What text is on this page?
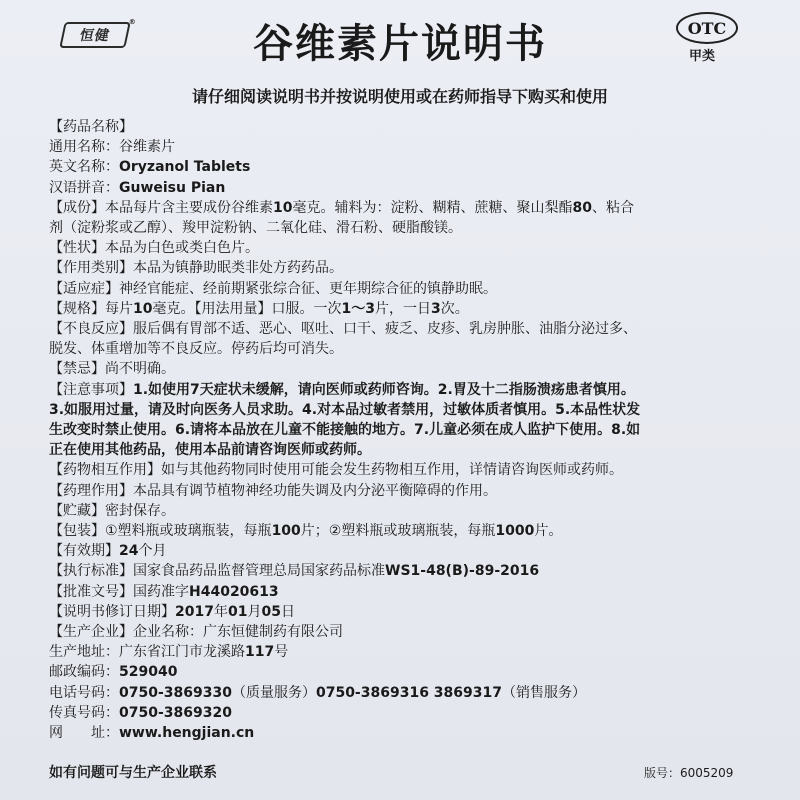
恒健
®	谷维素片说明书	OTC
甲类
请仔细阅读说明书并按说明使用或在药师指导下购买和使用
【药品名称】
通用名称：谷维素片
英文名称：Oryzanol Tablets
汉语拼音：Guweisu Pian
【成份】本品每片含主要成份谷维素10毫克。辅料为：淀粉、糊精、蔗糖、聚山梨酯80、粘合
剂（淀粉浆或乙醇）、羧甲淀粉钠、二氧化硅、滑石粉、硬脂酸镁。
【性状】本品为白色或类白色片。
【作用类别】本品为镇静助眠类非处方药药品。
【适应症】神经官能症、经前期紧张综合征、更年期综合征的镇静助眠。
【规格】每片10毫克。【用法用量】口服。一次1～3片，一日3次。
【不良反应】服后偶有胃部不适、恶心、呕吐、口干、疲乏、皮疹、乳房肿胀、油脂分泌过多、
脱发、体重增加等不良反应。停药后均可消失。
【禁忌】尚不明确。
【注意事项】1.如使用7天症状未缓解，请向医师或药师咨询。2.胃及十二指肠溃疡患者慎用。
3.如服用过量，请及时向医务人员求助。4.对本品过敏者禁用，过敏体质者慎用。5.本品性状发
生改变时禁止使用。6.请将本品放在儿童不能接触的地方。7.儿童必须在成人监护下使用。8.如
正在使用其他药品，使用本品前请咨询医师或药师。
【药物相互作用】如与其他药物同时使用可能会发生药物相互作用，详情请咨询医师或药师。
【药理作用】本品具有调节植物神经功能失调及内分泌平衡障碍的作用。
【贮藏】密封保存。
【包装】①塑料瓶或玻璃瓶装，每瓶100片；②塑料瓶或玻璃瓶装，每瓶1000片。
【有效期】24个月
【执行标准】国家食品药品监督管理总局国家药品标准WS1-48(B)-89-2016
【批准文号】国药准字H44020613
【说明书修订日期】2017年01月05日
【生产企业】企业名称：广东恒健制药有限公司
生产地址：广东省江门市龙溪路117号
邮政编码：529040
电话号码：0750-3869330（质量服务）0750-3869316 3869317（销售服务）
传真号码：0750-3869320
网　　址：www.hengjian.cn
如有问题可与生产企业联系	版号：6005209
